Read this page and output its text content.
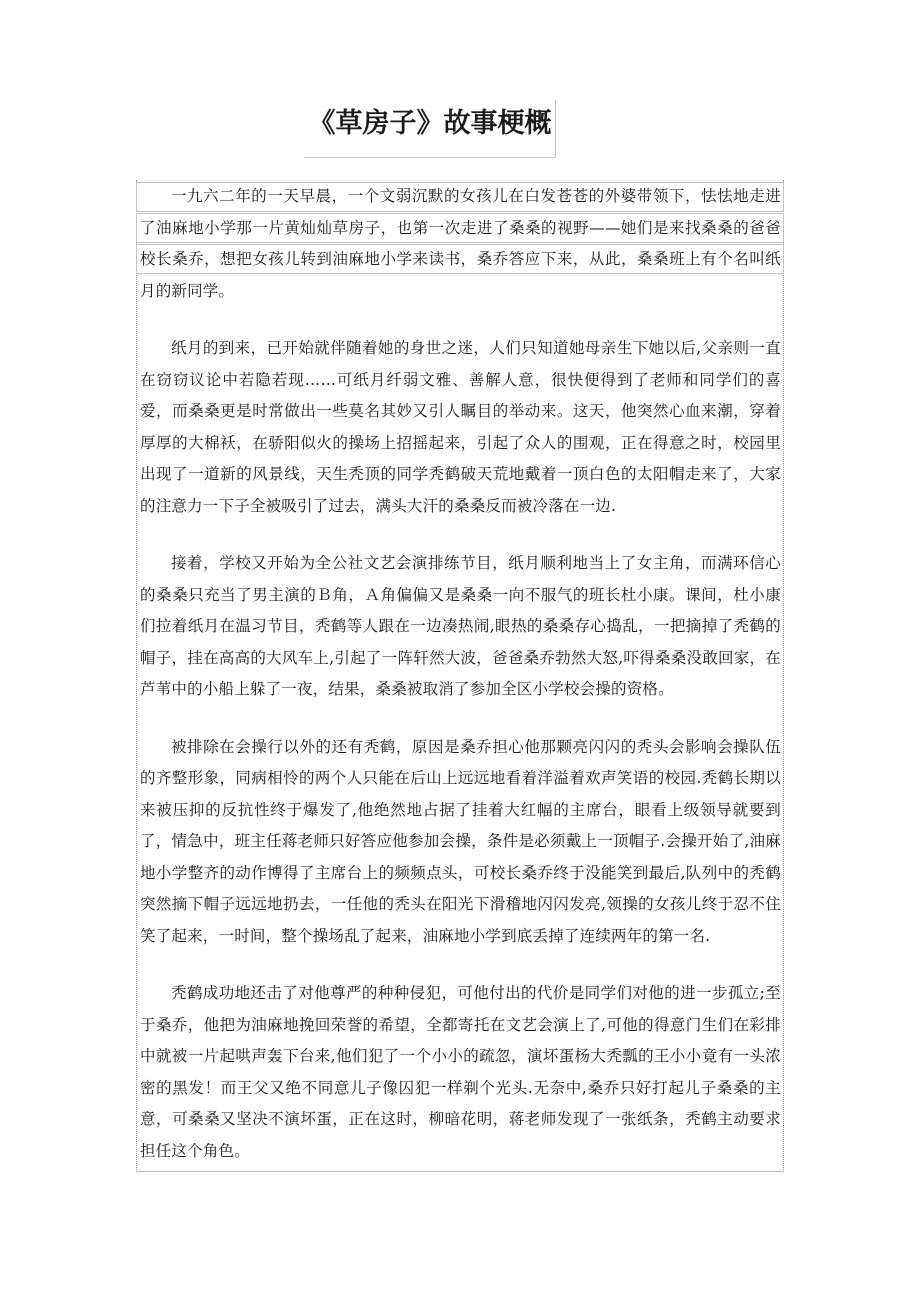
《草房子》故事梗概

一九六二年的一天早晨，一个文弱沉默的女孩儿在白发苍苍的外婆带领下，怯怯地走进了油麻地小学那一片黄灿灿草房子，也第一次走进了桑桑的视野——她们是来找桑桑的爸爸校长桑乔，想把女孩儿转到油麻地小学来读书，桑乔答应下来，从此，桑桑班上有个名叫纸月的新同学。

纸月的到来，已开始就伴随着她的身世之迷，人们只知道她母亲生下她以后,父亲则一直在窃窃议论中若隐若现……可纸月纤弱文雅、善解人意，很快便得到了老师和同学们的喜爱，而桑桑更是时常做出一些莫名其妙又引人瞩目的举动来。这天，他突然心血来潮，穿着厚厚的大棉袄，在骄阳似火的操场上招摇起来，引起了众人的围观，正在得意之时，校园里出现了一道新的风景线，天生秃顶的同学秃鹤破天荒地戴着一顶白色的太阳帽走来了，大家的注意力一下子全被吸引了过去，满头大汗的桑桑反而被冷落在一边.

接着，学校又开始为全公社文艺会演排练节目，纸月顺利地当上了女主角，而满环信心的桑桑只充当了男主演的Ｂ角，Ａ角偏偏又是桑桑一向不服气的班长杜小康。课间，杜小康们拉着纸月在温习节目，秃鹤等人跟在一边凑热闹,眼热的桑桑存心捣乱，一把摘掉了秃鹤的帽子，挂在高高的大风车上,引起了一阵轩然大波，爸爸桑乔勃然大怒,吓得桑桑没敢回家，在芦苇中的小船上躲了一夜，结果，桑桑被取消了参加全区小学校会操的资格。

被排除在会操行以外的还有秃鹤，原因是桑乔担心他那颗亮闪闪的秃头会影响会操队伍的齐整形象，同病相怜的两个人只能在后山上远远地看着洋溢着欢声笑语的校园.秃鹤长期以来被压抑的反抗性终于爆发了,他绝然地占据了挂着大红幅的主席台，眼看上级领导就要到了，情急中，班主任蒋老师只好答应他参加会操，条件是必须戴上一顶帽子.会操开始了,油麻地小学整齐的动作博得了主席台上的频频点头，可校长桑乔终于没能笑到最后,队列中的秃鹤突然摘下帽子远远地扔去，一任他的秃头在阳光下滑稽地闪闪发亮,领操的女孩儿终于忍不住笑了起来，一时间，整个操场乱了起来，油麻地小学到底丢掉了连续两年的第一名.

秃鹤成功地还击了对他尊严的种种侵犯，可他付出的代价是同学们对他的进一步孤立;至于桑乔，他把为油麻地挽回荣誉的希望，全都寄托在文艺会演上了,可他的得意门生们在彩排中就被一片起哄声轰下台来,他们犯了一个小小的疏忽，演坏蛋杨大秃瓢的王小小竟有一头浓密的黑发！而王父又绝不同意儿子像囚犯一样剃个光头.无奈中,桑乔只好打起儿子桑桑的主意，可桑桑又坚决不演坏蛋，正在这时，柳暗花明，蒋老师发现了一张纸条，秃鹤主动要求担任这个角色。
